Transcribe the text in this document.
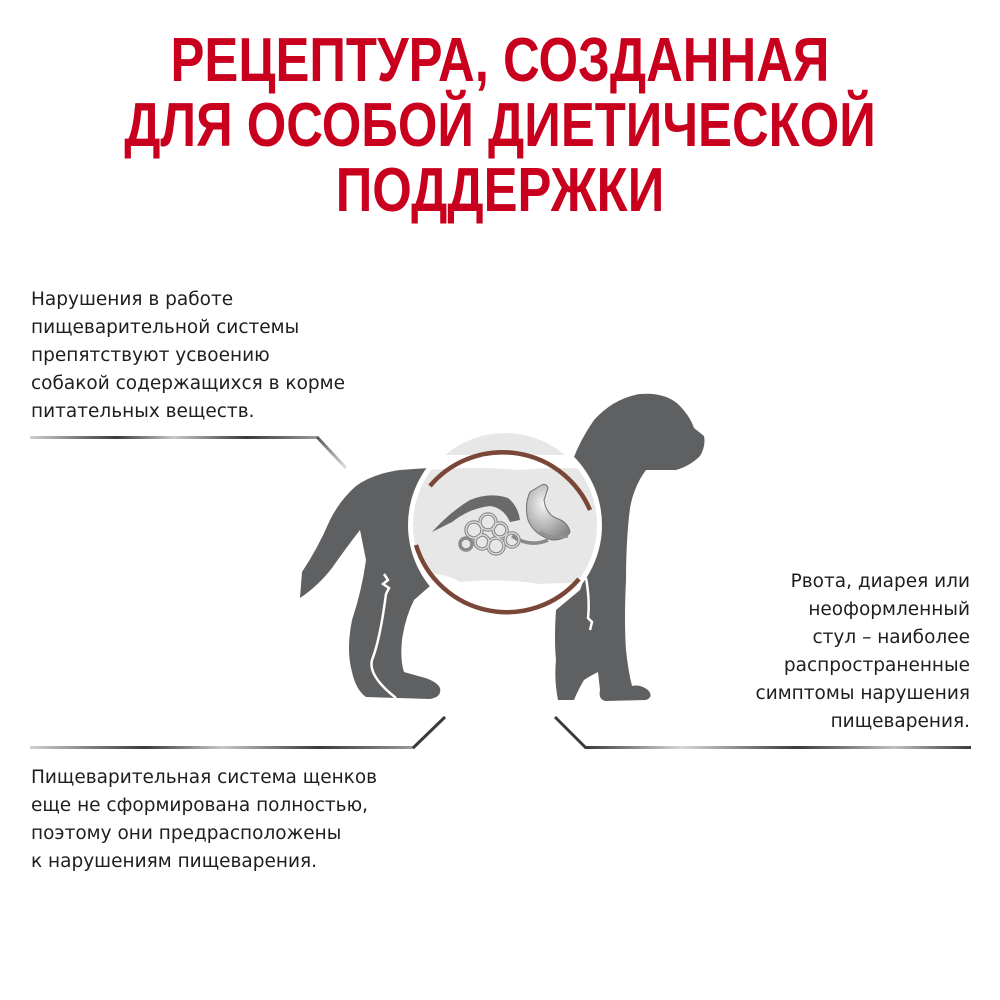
РЕЦЕПТУРА, СОЗДАННАЯ
ДЛЯ ОСОБОЙ ДИЕТИЧЕСКОЙ
ПОДДЕРЖКИ
Нарушения в работе
пищеварительной системы
препятствуют усвоению
собакой содержащихся в корме
питательных веществ.
Рвота, диарея или
неоформленный
стул – наиболее
распространенные
симптомы нарушения
пищеварения.
Пищеварительная система щенков
еще не сформирована полностью,
поэтому они предрасположены
к нарушениям пищеварения.
